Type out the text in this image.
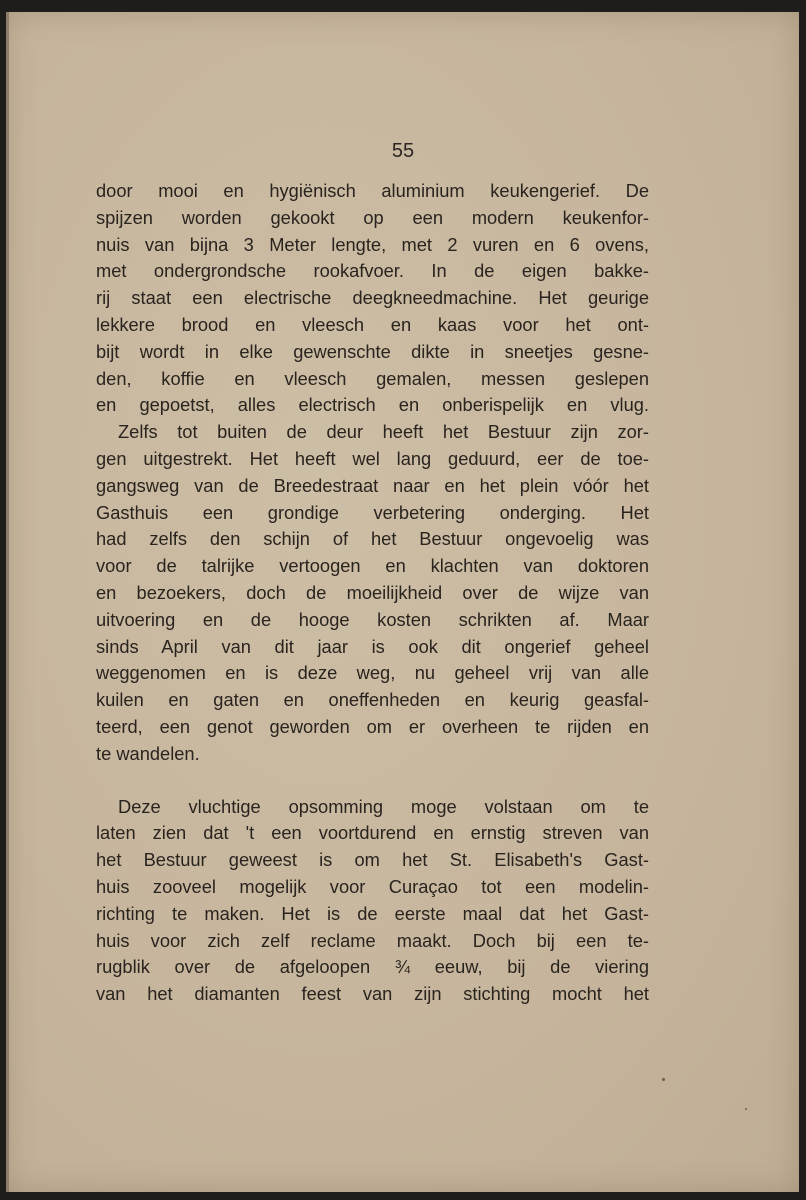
55
door mooi en hygiënisch aluminium keukengerief. De
spijzen worden gekookt op een modern keukenfor-
nuis van bijna 3 Meter lengte, met 2 vuren en 6 ovens,
met ondergrondsche rookafvoer. In de eigen bakke-
rij staat een electrische deegkneedmachine. Het geurige
lekkere brood en vleesch en kaas voor het ont-
bijt wordt in elke gewenschte dikte in sneetjes gesne-
den, koffie en vleesch gemalen, messen geslepen
en gepoetst, alles electrisch en onberispelijk en vlug.
Zelfs tot buiten de deur heeft het Bestuur zijn zor-
gen uitgestrekt. Het heeft wel lang geduurd, eer de toe-
gangsweg van de Breedestraat naar en het plein vóór het
Gasthuis een grondige verbetering onderging. Het
had zelfs den schijn of het Bestuur ongevoelig was
voor de talrijke vertoogen en klachten van doktoren
en bezoekers, doch de moeilijkheid over de wijze van
uitvoering en de hooge kosten schrikten af. Maar
sinds April van dit jaar is ook dit ongerief geheel
weggenomen en is deze weg, nu geheel vrij van alle
kuilen en gaten en oneffenheden en keurig geasfal-
teerd, een genot geworden om er overheen te rijden en
te wandelen.
Deze vluchtige opsomming moge volstaan om te
laten zien dat 't een voortdurend en ernstig streven van
het Bestuur geweest is om het St. Elisabeth's Gast-
huis zooveel mogelijk voor Curaçao tot een modelin-
richting te maken. Het is de eerste maal dat het Gast-
huis voor zich zelf reclame maakt. Doch bij een te-
rugblik over de afgeloopen ¾ eeuw, bij de viering
van het diamanten feest van zijn stichting mocht het
